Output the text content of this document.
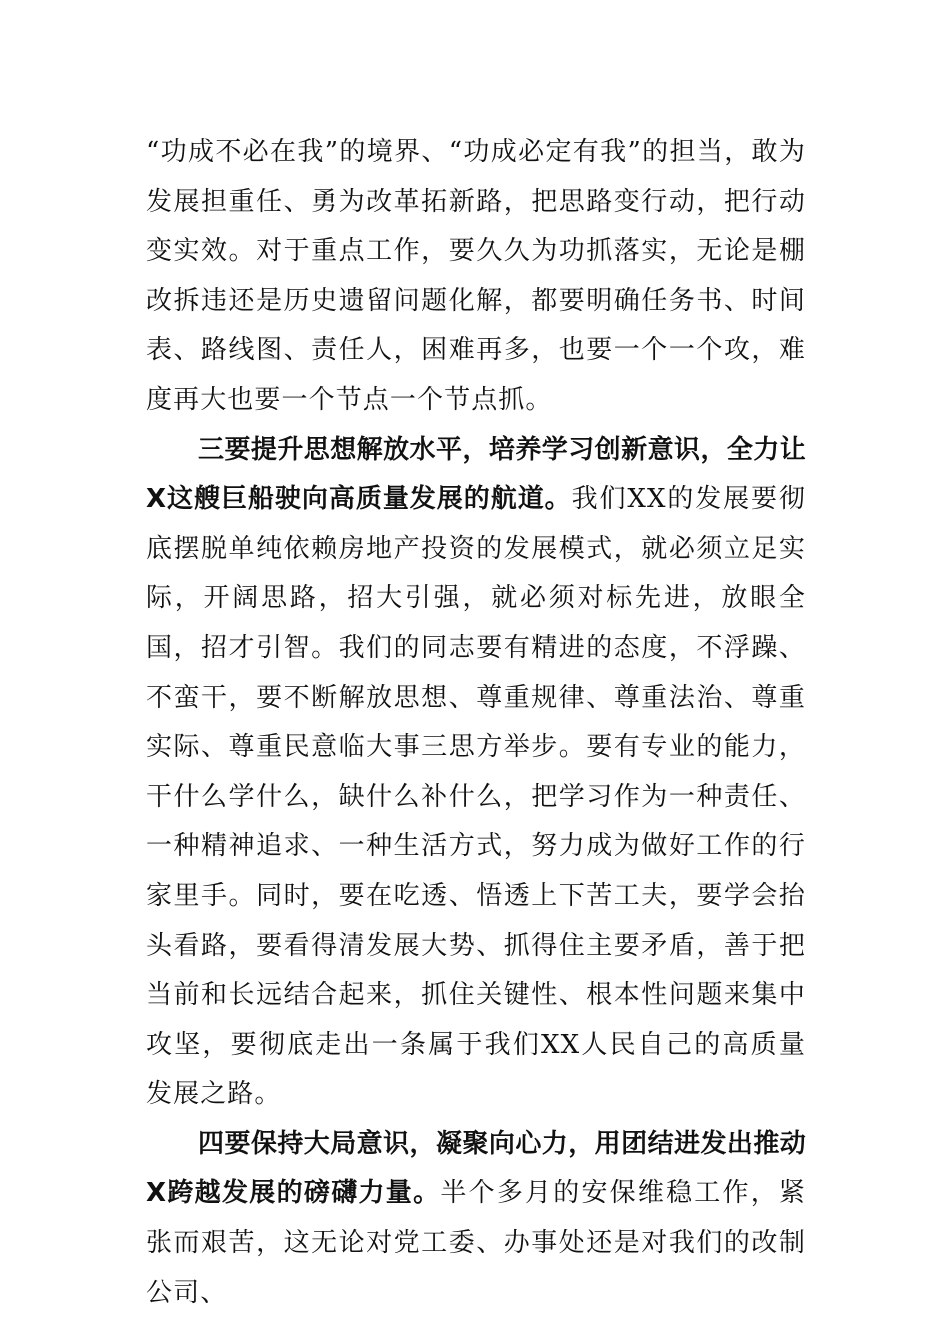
“功成不必在我”的境界、“功成必定有我”的担当，敢为发展担重任、勇为改革拓新路，把思路变行动，把行动变实效。对于重点工作，要久久为功抓落实，无论是棚改拆违还是历史遗留问题化解，都要明确任务书、时间表、路线图、责任人，困难再多，也要一个一个攻，难度再大也要一个节点一个节点抓。

三要提升思想解放水平，培养学习创新意识，全力让X这艘巨船驶向高质量发展的航道。我们XX的发展要彻底摆脱单纯依赖房地产投资的发展模式，就必须立足实际，开阔思路，招大引强，就必须对标先进，放眼全国，招才引智。我们的同志要有精进的态度，不浮躁、不蛮干，要不断解放思想、尊重规律、尊重法治、尊重实际、尊重民意临大事三思方举步。要有专业的能力，干什么学什么，缺什么补什么，把学习作为一种责任、一种精神追求、一种生活方式，努力成为做好工作的行家里手。同时，要在吃透、悟透上下苦工夫，要学会抬头看路，要看得清发展大势、抓得住主要矛盾，善于把当前和长远结合起来，抓住关键性、根本性问题来集中攻坚，要彻底走出一条属于我们XX人民自己的高质量发展之路。

四要保持大局意识，凝聚向心力，用团结进发出推动X跨越发展的磅礴力量。半个多月的安保维稳工作，紧张而艰苦，这无论对党工委、办事处还是对我们的改制公司、
